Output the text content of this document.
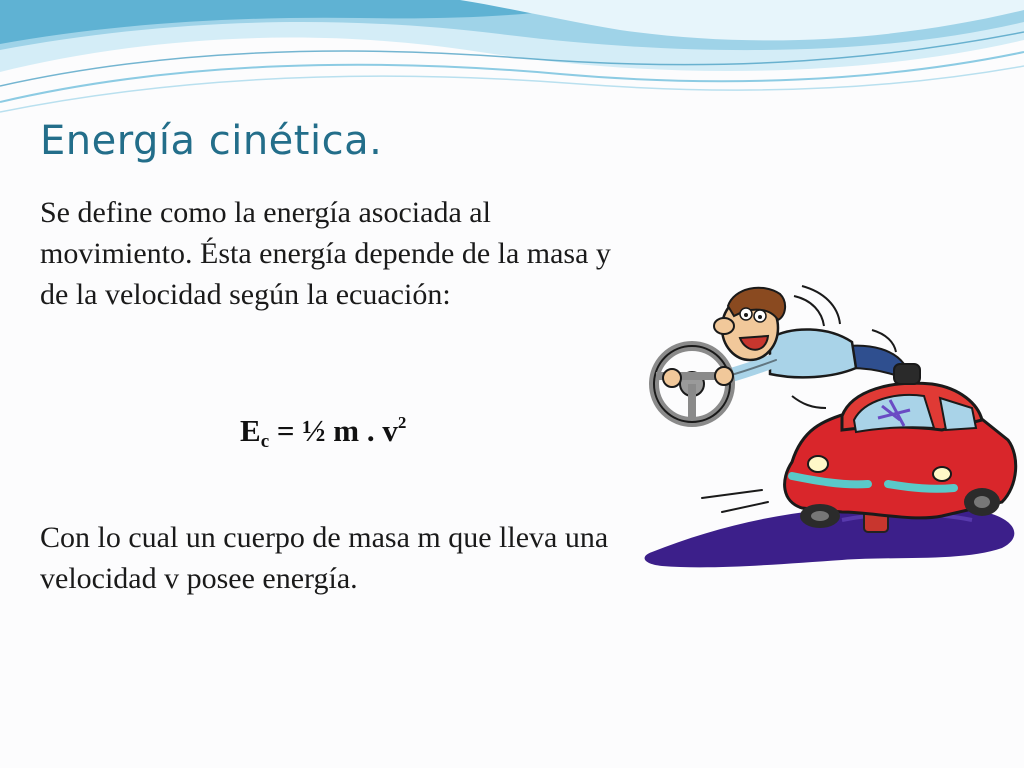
Energía cinética.

Se define como la energía asociada al movimiento. Ésta energía depende de la masa y de la velocidad según la ecuación:

$E_c$ = ½ m . $v^2$

Con lo cual un cuerpo de masa m que lleva una velocidad v posee energía.
